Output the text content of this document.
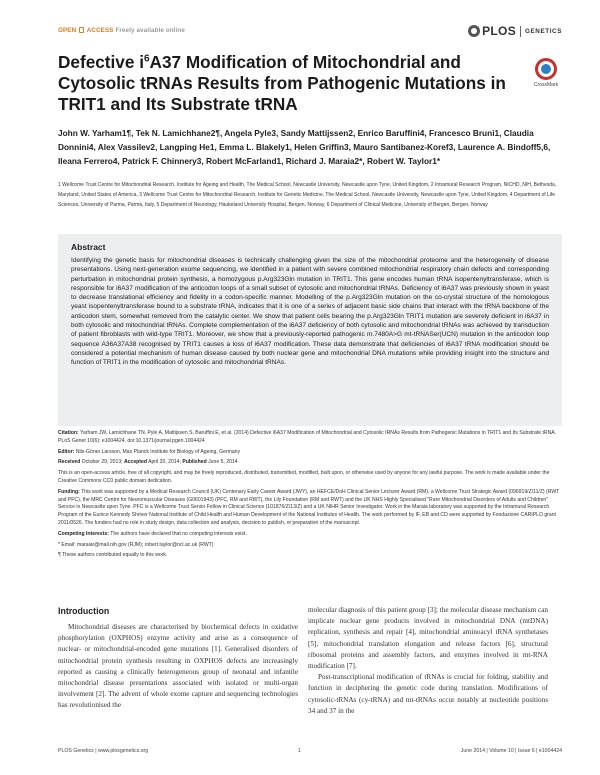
OPEN ACCESS Freely available online	PLOS GENETICS
Defective $i^6A37$ Modification of Mitochondrial and Cytosolic tRNAs Results from Pathogenic Mutations in TRIT1 and Its Substrate tRNA
CrossMark
John W. Yarham1¶, Tek N. Lamichhane2¶, Angela Pyle3, Sandy Mattijssen2, Enrico Baruffini4, Francesco Bruni1, Claudia Donnini4, Alex Vassilev2, Langping He1, Emma L. Blakely1, Helen Griffin3, Mauro Santibanez-Koref3, Laurence A. Bindoff5,6, Ileana Ferrero4, Patrick F. Chinnery3, Robert McFarland1, Richard J. Maraia2*, Robert W. Taylor1*
1 Wellcome Trust Centre for Mitochondrial Research, Institute for Ageing and Health, The Medical School, Newcastle University, Newcastle upon Tyne, United Kingdom, 2 Intramural Research Program, NICHD, NIH, Bethesda, Maryland, United States of America, 3 Wellcome Trust Centre for Mitochondrial Research, Institute for Genetic Medicine, The Medical School, Newcastle University, Newcastle upon Tyne, United Kingdom, 4 Department of Life Sciences, University of Parma, Parma, Italy, 5 Department of Neurology, Haukeland University Hospital, Bergen, Norway, 6 Department of Clinical Medicine, University of Bergen, Bergen, Norway
Abstract
Identifying the genetic basis for mitochondrial diseases is technically challenging given the size of the mitochondrial proteome and the heterogeneity of disease presentations. Using next-generation exome sequencing, we identified in a patient with severe combined mitochondrial respiratory chain defects and corresponding perturbation in mitochondrial protein synthesis, a homozygous p.Arg323Gln mutation in TRIT1. This gene encodes human tRNA isopentenyltransferase, which is responsible for i6A37 modification of the anticodon loops of a small subset of cytosolic and mitochondrial tRNAs. Deficiency of i6A37 was previously shown in yeast to decrease translational efficiency and fidelity in a codon-specific manner. Modelling of the p.Arg323Gln mutation on the co-crystal structure of the homologous yeast isopentenyltransferase bound to a substrate tRNA, indicates that it is one of a series of adjacent basic side chains that interact with the tRNA backbone of the anticodon stem, somewhat removed from the catalytic center. We show that patient cells bearing the p.Arg323Gln TRIT1 mutation are severely deficient in i6A37 in both cytosolic and mitochondrial tRNAs. Complete complementation of the i6A37 deficiency of both cytosolic and mitochondrial tRNAs was achieved by transduction of patient fibroblasts with wild-type TRIT1. Moreover, we show that a previously-reported pathogenic m.7480A>G mt-tRNASer(UCN) mutation in the anticodon loop sequence A36A37A38 recognised by TRIT1 causes a loss of i6A37 modification. These data demonstrate that deficiencies of i6A37 tRNA modification should be considered a potential mechanism of human disease caused by both nuclear gene and mitochondrial DNA mutations while providing insight into the structure and function of TRIT1 in the modification of cytosolic and mitochondrial tRNAs.

Citation: Yarham JW, Lamichhane TN, Pyle A, Mattijssen S, Baruffini E, et al. (2014) Defective i6A37 Modification of Mitochondrial and Cytosolic tRNAs Results from Pathogenic Mutations in TRIT1 and Its Substrate tRNA. PLoS Genet 10(6): e1004424. doi:10.1371/journal.pgen.1004424

Editor: Nils-Göran Larsson, Max Planck Institute for Biology of Ageing, Germany

Received October 29, 2013; Accepted April 20, 2014; Published June 5, 2014

This is an open-access article, free of all copyright, and may be freely reproduced, distributed, transmitted, modified, built upon, or otherwise used by anyone for any lawful purpose. The work is made available under the Creative Commons CC0 public domain dedication.

Funding: This work was supported by a Medical Research Council (UK) Centenary Early Career Award (JWY), an HEFCE/DoH Clinical Senior Lecturer Award (RM), a Wellcome Trust Strategic Award (096919/Z/11/Z) (RWT and PFC), the MRC Centre for Neuromuscular Diseases (G0601943) (PFC, RM and RWT), the Lily Foundation (RM and RWT) and the UK NHS Highly Specialised "Rare Mitochondrial Disorders of Adults and Children" Service in Newcastle upon Tyne. PFC is a Wellcome Trust Senior Fellow in Clinical Science (101876/Z/13/Z) and a UK NIHR Senior Investigator. Work in the Maraia laboratory was supported by the Intramural Research Program of the Eunice Kennedy Shriver National Institute of Child Health and Human Development of the National Institutes of Health. The work performed by IF, EB and CD were supported by Fondazione CARIPLO grant 2011/0526. The funders had no role in study design, data collection and analysis, decision to publish, or preparation of the manuscript.

Competing Interests: The authors have declared that no competing interests exist.

* Email: maraiar@mail.nih.gov (RJM); robert.taylor@ncl.ac.uk (RWT)

¶ These authors contributed equally to this work.

Introduction

Mitochondrial diseases are characterised by biochemical defects in oxidative phosphorylation (OXPHOS) enzyme activity and arise as a consequence of nuclear- or mitochondrial-encoded gene mutations [1]. Generalised disorders of mitochondrial protein synthesis resulting in OXPHOS defects are increasingly reported as causing a clinically heterogeneous group of neonatal and infantile mitochondrial disease presentations associated with isolated or multi-organ involvement [2]. The advent of whole exome capture and sequencing technologies has revolutionised the

molecular diagnosis of this patient group [3]; the molecular disease mechanism can implicate nuclear gene products involved in mitochondrial DNA (mtDNA) replication, synthesis and repair [4], mitochondrial aminoacyl tRNA synthetases [5], mitochondrial translation elongation and release factors [6], structural ribosomal proteins and assembly factors, and enzymes involved in mt-RNA modification [7].

Post-transcriptional modification of tRNAs is crucial for folding, stability and function in deciphering the genetic code during translation. Modifications of cytosolic-tRNAs (cy-tRNA) and mt-tRNAs occur notably at nucleotide positions 34 and 37 in the

PLOS Genetics | www.plosgenetics.org	1	June 2014 | Volume 10 | Issue 6 | e1004424
